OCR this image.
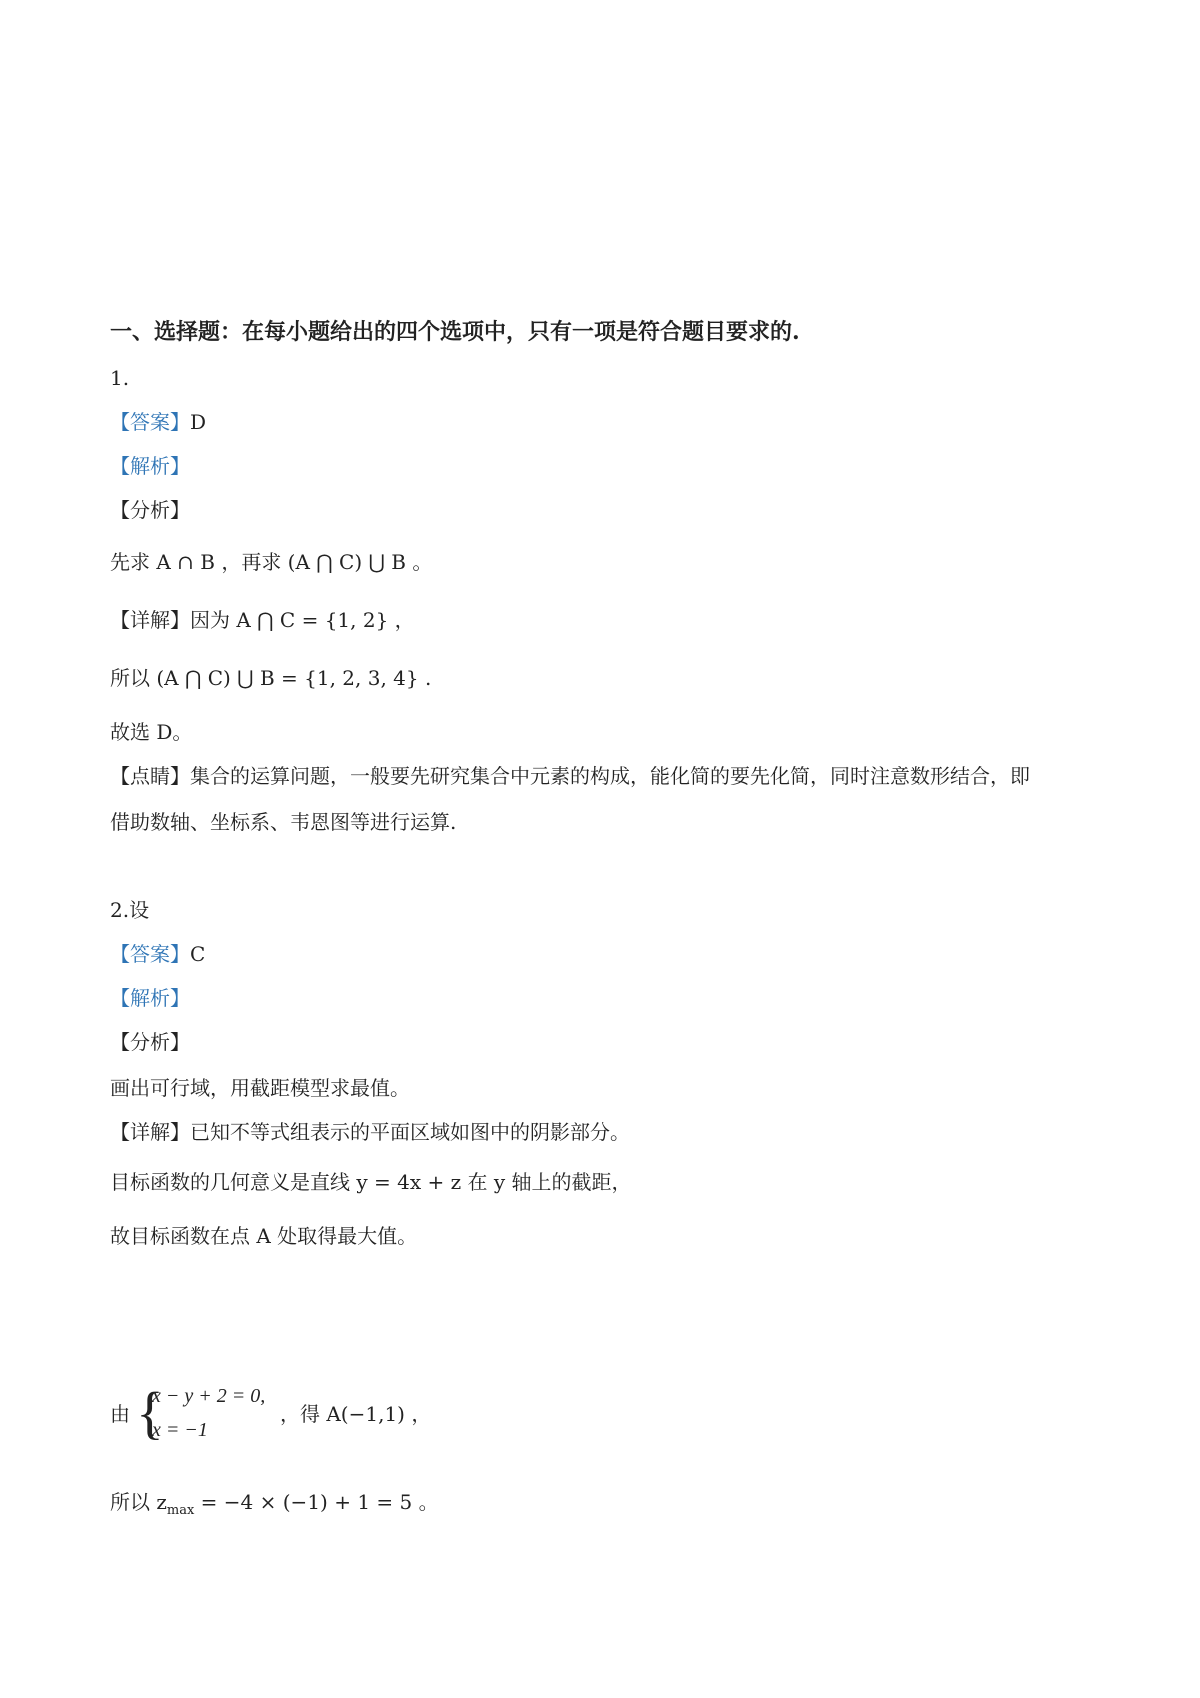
一、选择题：在每小题给出的四个选项中，只有一项是符合题目要求的.
1.
【答案】D
【解析】
【分析】
先求 A ∩ B ，再求 (A ⋂ C) ⋃ B 。
【详解】因为 A ⋂ C = {1, 2} ，
所以 (A ⋂ C) ⋃ B = {1, 2, 3, 4} .
故选 D。
【点睛】集合的运算问题，一般要先研究集合中元素的构成，能化简的要先化简，同时注意数形结合，即
借助数轴、坐标系、韦恩图等进行运算.
2.设
【答案】C
【解析】
【分析】
画出可行域，用截距模型求最值。
【详解】已知不等式组表示的平面区域如图中的阴影部分。
目标函数的几何意义是直线 y = 4x + z 在 y 轴上的截距，
故目标函数在点 A 处取得最大值。
由 {
x − y + 2 = 0,
x = −1
，得 A(−1,1) ，
所以 $z_{max} = -4 \times (-1) + 1 = 5$ 。
